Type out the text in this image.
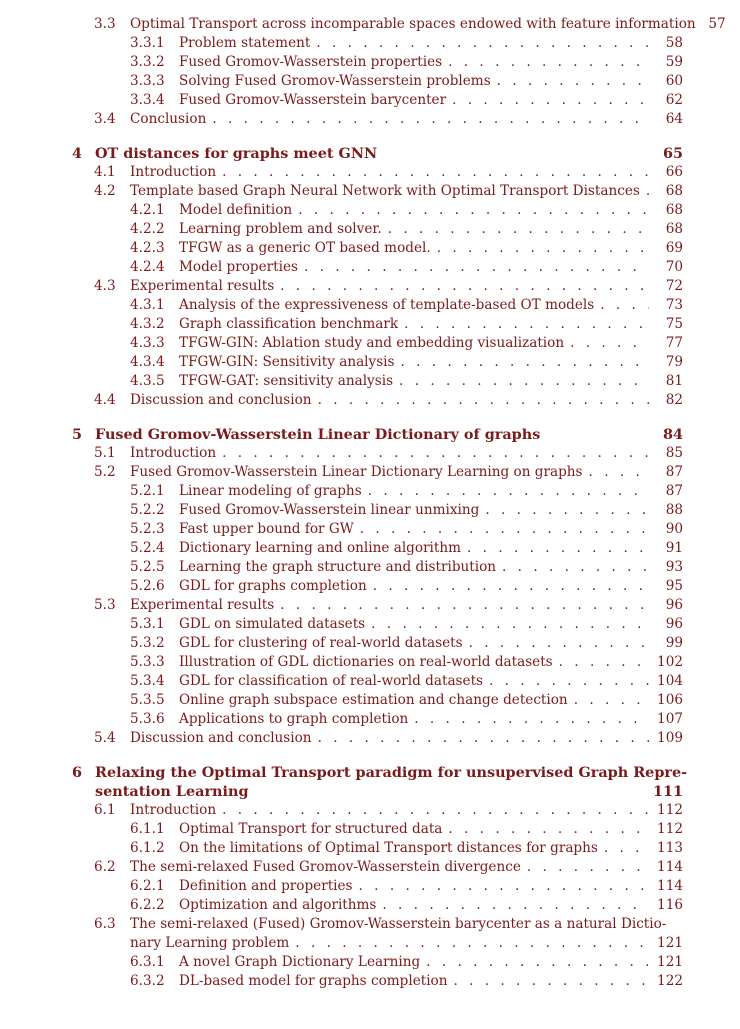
3.3 Optimal Transport across incomparable spaces endowed with feature information 57
3.3.1 Problem statement . . .	58
3.3.2 Fused Gromov-Wasserstein properties . . .	59
3.3.3 Solving Fused Gromov-Wasserstein problems . . .	60
3.3.4 Fused Gromov-Wasserstein barycenter . . .	62
3.4 Conclusion . . .	64
4 OT distances for graphs meet GNN	65
4.1 Introduction . . .	66
4.2 Template based Graph Neural Network with Optimal Transport Distances . . .	68
4.2.1 Model definition . . .	68
4.2.2 Learning problem and solver. . . .	68
4.2.3 TFGW as a generic OT based model. . . .	69
4.2.4 Model properties . . .	70
4.3 Experimental results . . .	72
4.3.1 Analysis of the expressiveness of template-based OT models . . .	73
4.3.2 Graph classification benchmark . . .	75
4.3.3 TFGW-GIN: Ablation study and embedding visualization . . .	77
4.3.4 TFGW-GIN: Sensitivity analysis . . .	79
4.3.5 TFGW-GAT: sensitivity analysis . . .	81
4.4 Discussion and conclusion . . .	82
5 Fused Gromov-Wasserstein Linear Dictionary of graphs	84
5.1 Introduction . . .	85
5.2 Fused Gromov-Wasserstein Linear Dictionary Learning on graphs . . .	87
5.2.1 Linear modeling of graphs . . .	87
5.2.2 Fused Gromov-Wasserstein linear unmixing . . .	88
5.2.3 Fast upper bound for GW . . .	90
5.2.4 Dictionary learning and online algorithm . . .	91
5.2.5 Learning the graph structure and distribution . . .	93
5.2.6 GDL for graphs completion . . .	95
5.3 Experimental results . . .	96
5.3.1 GDL on simulated datasets . . .	96
5.3.2 GDL for clustering of real-world datasets . . .	99
5.3.3 Illustration of GDL dictionaries on real-world datasets . . .	102
5.3.4 GDL for classification of real-world datasets . . .	104
5.3.5 Online graph subspace estimation and change detection . . .	106
5.3.6 Applications to graph completion . . .	107
5.4 Discussion and conclusion . . .	109
6 Relaxing the Optimal Transport paradigm for unsupervised Graph Repre-
sentation Learning	111
6.1 Introduction . . .	112
6.1.1 Optimal Transport for structured data . . .	112
6.1.2 On the limitations of Optimal Transport distances for graphs . . .	113
6.2 The semi-relaxed Fused Gromov-Wasserstein divergence . . .	114
6.2.1 Definition and properties . . .	114
6.2.2 Optimization and algorithms . . .	116
6.3 The semi-relaxed (Fused) Gromov-Wasserstein barycenter as a natural Dictio-
nary Learning problem . . .	121
6.3.1 A novel Graph Dictionary Learning . . .	121
6.3.2 DL-based model for graphs completion . . .	122
